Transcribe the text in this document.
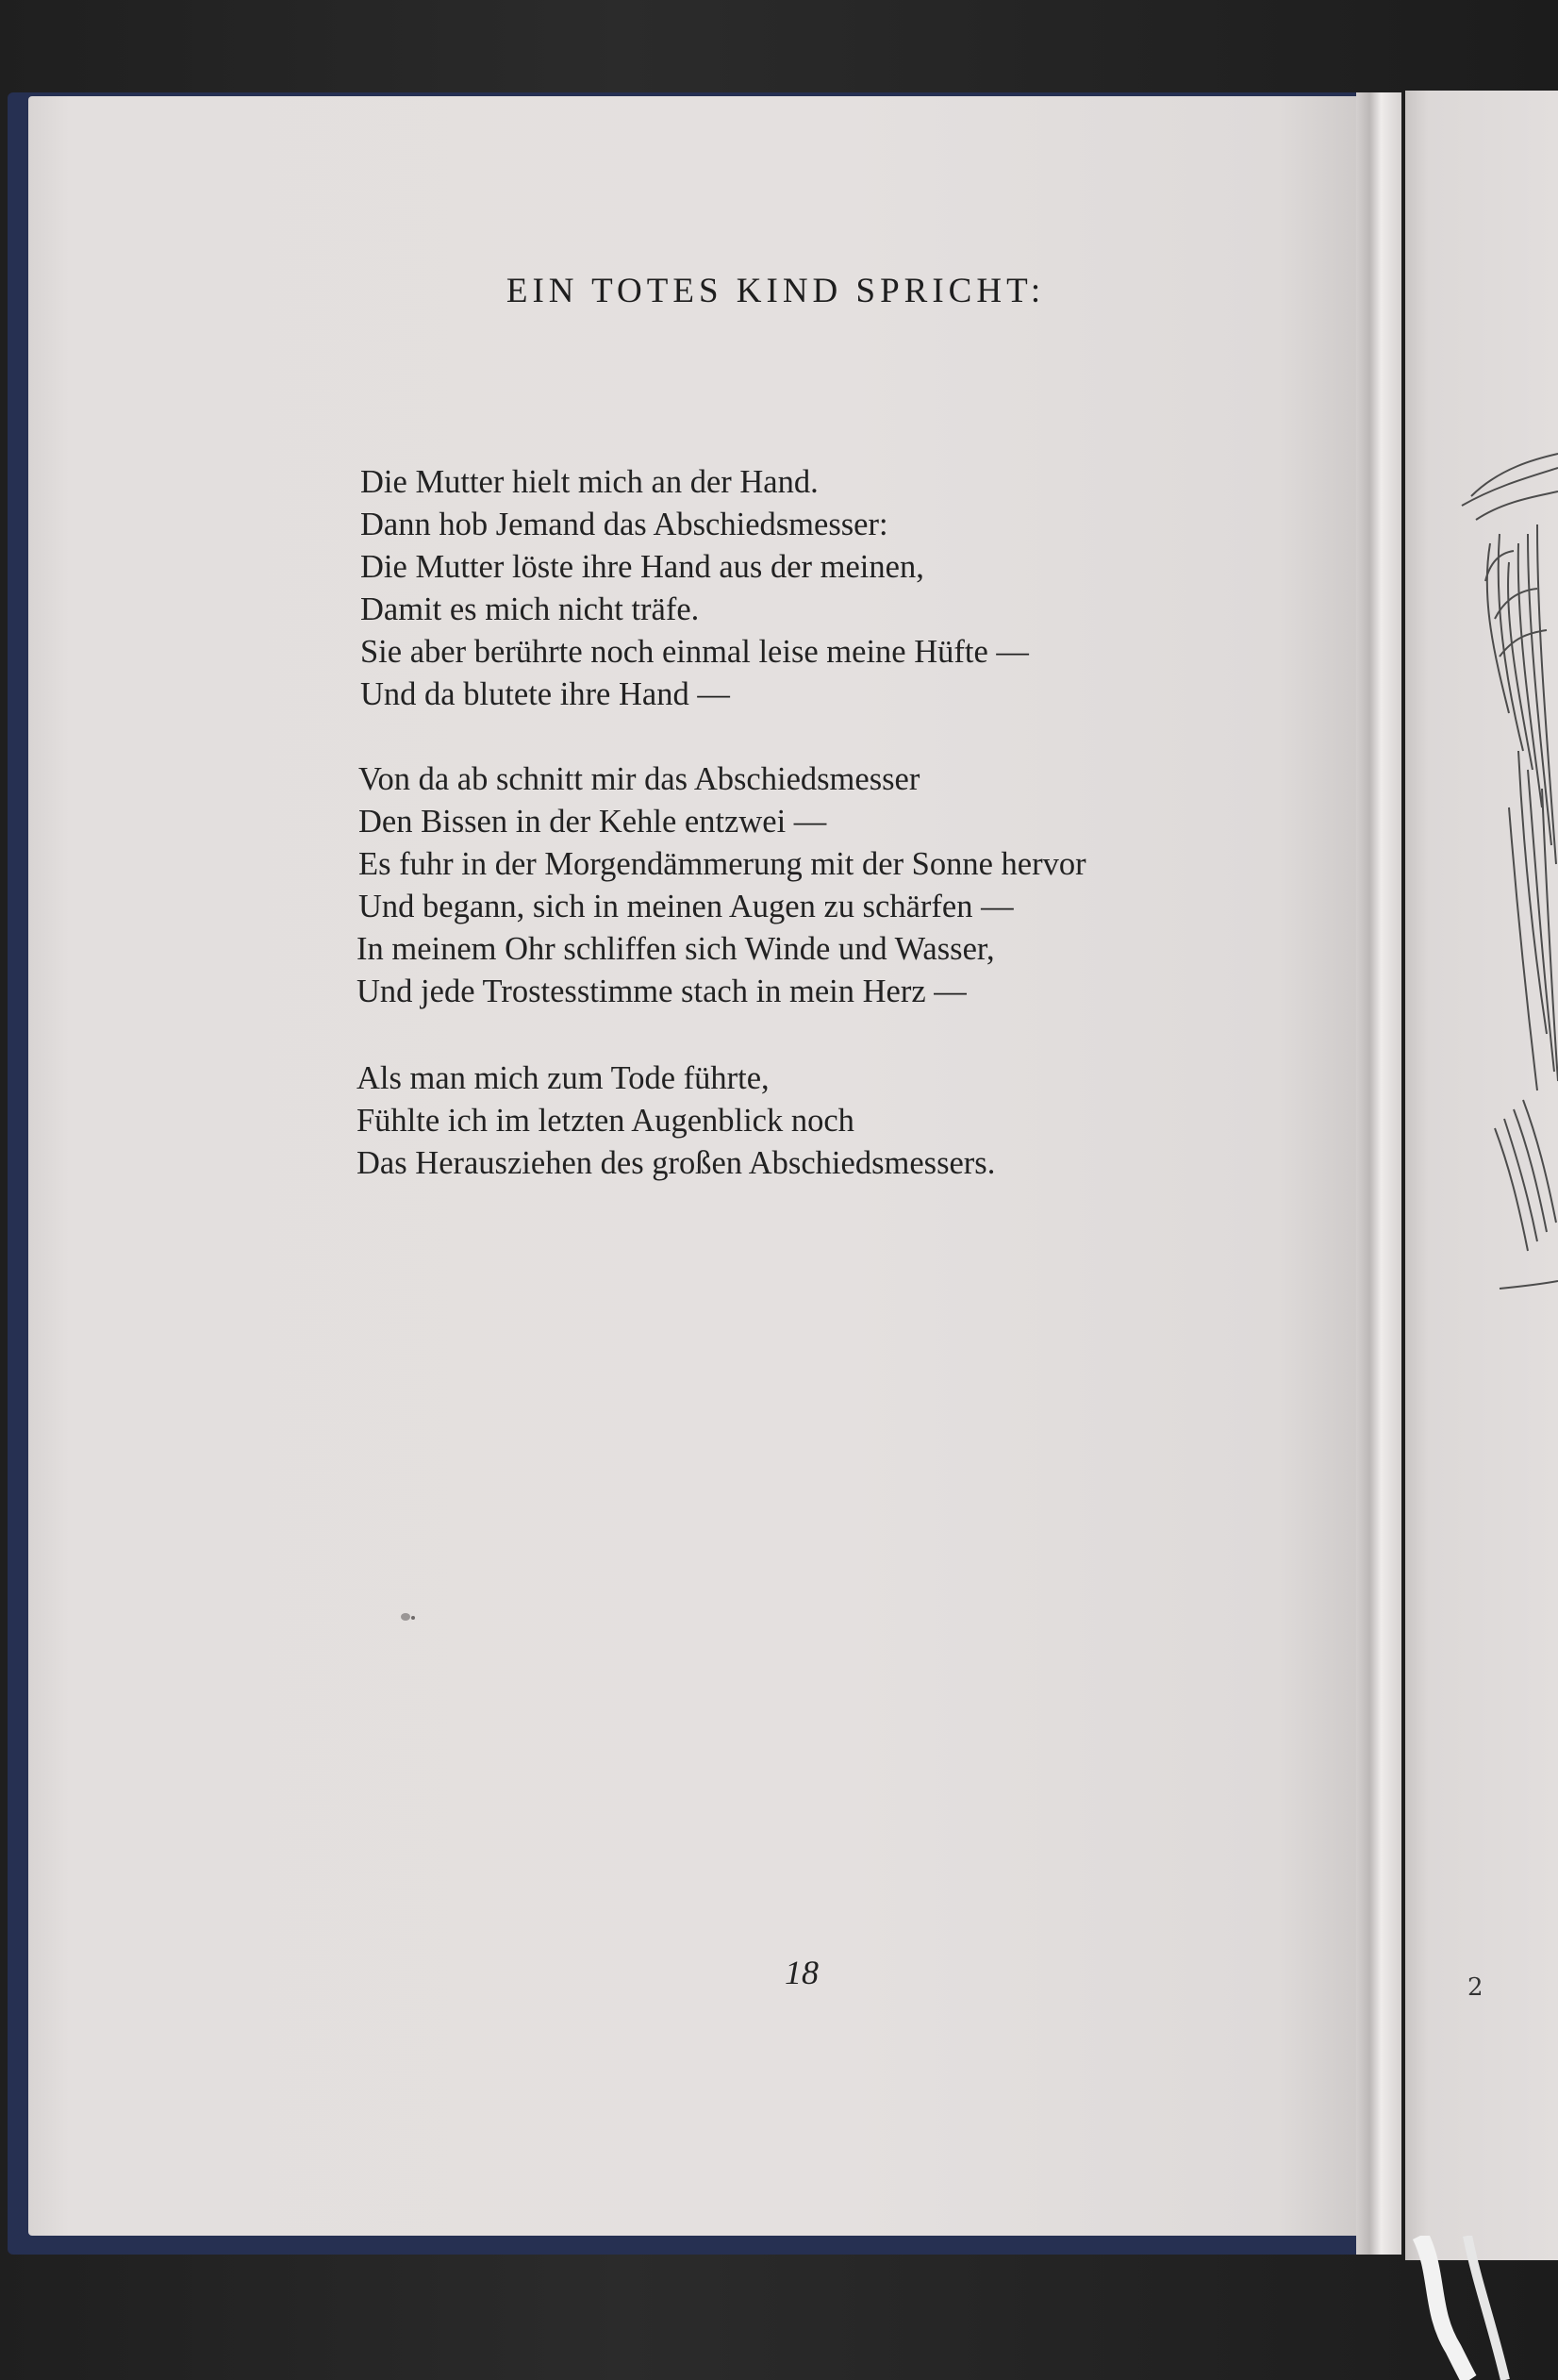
EIN TOTES KIND SPRICHT:
Die Mutter hielt mich an der Hand.
Dann hob Jemand das Abschiedsmesser:
Die Mutter löste ihre Hand aus der meinen,
Damit es mich nicht träfe.
Sie aber berührte noch einmal leise meine Hüfte —
Und da blutete ihre Hand —
Von da ab schnitt mir das Abschiedsmesser
Den Bissen in der Kehle entzwei —
Es fuhr in der Morgendämmerung mit der Sonne hervor
Und begann, sich in meinen Augen zu schärfen —
In meinem Ohr schliffen sich Winde und Wasser,
Und jede Trostesstimme stach in mein Herz —
Als man mich zum Tode führte,
Fühlte ich im letzten Augenblick noch
Das Herausziehen des großen Abschiedsmessers.
18	2
